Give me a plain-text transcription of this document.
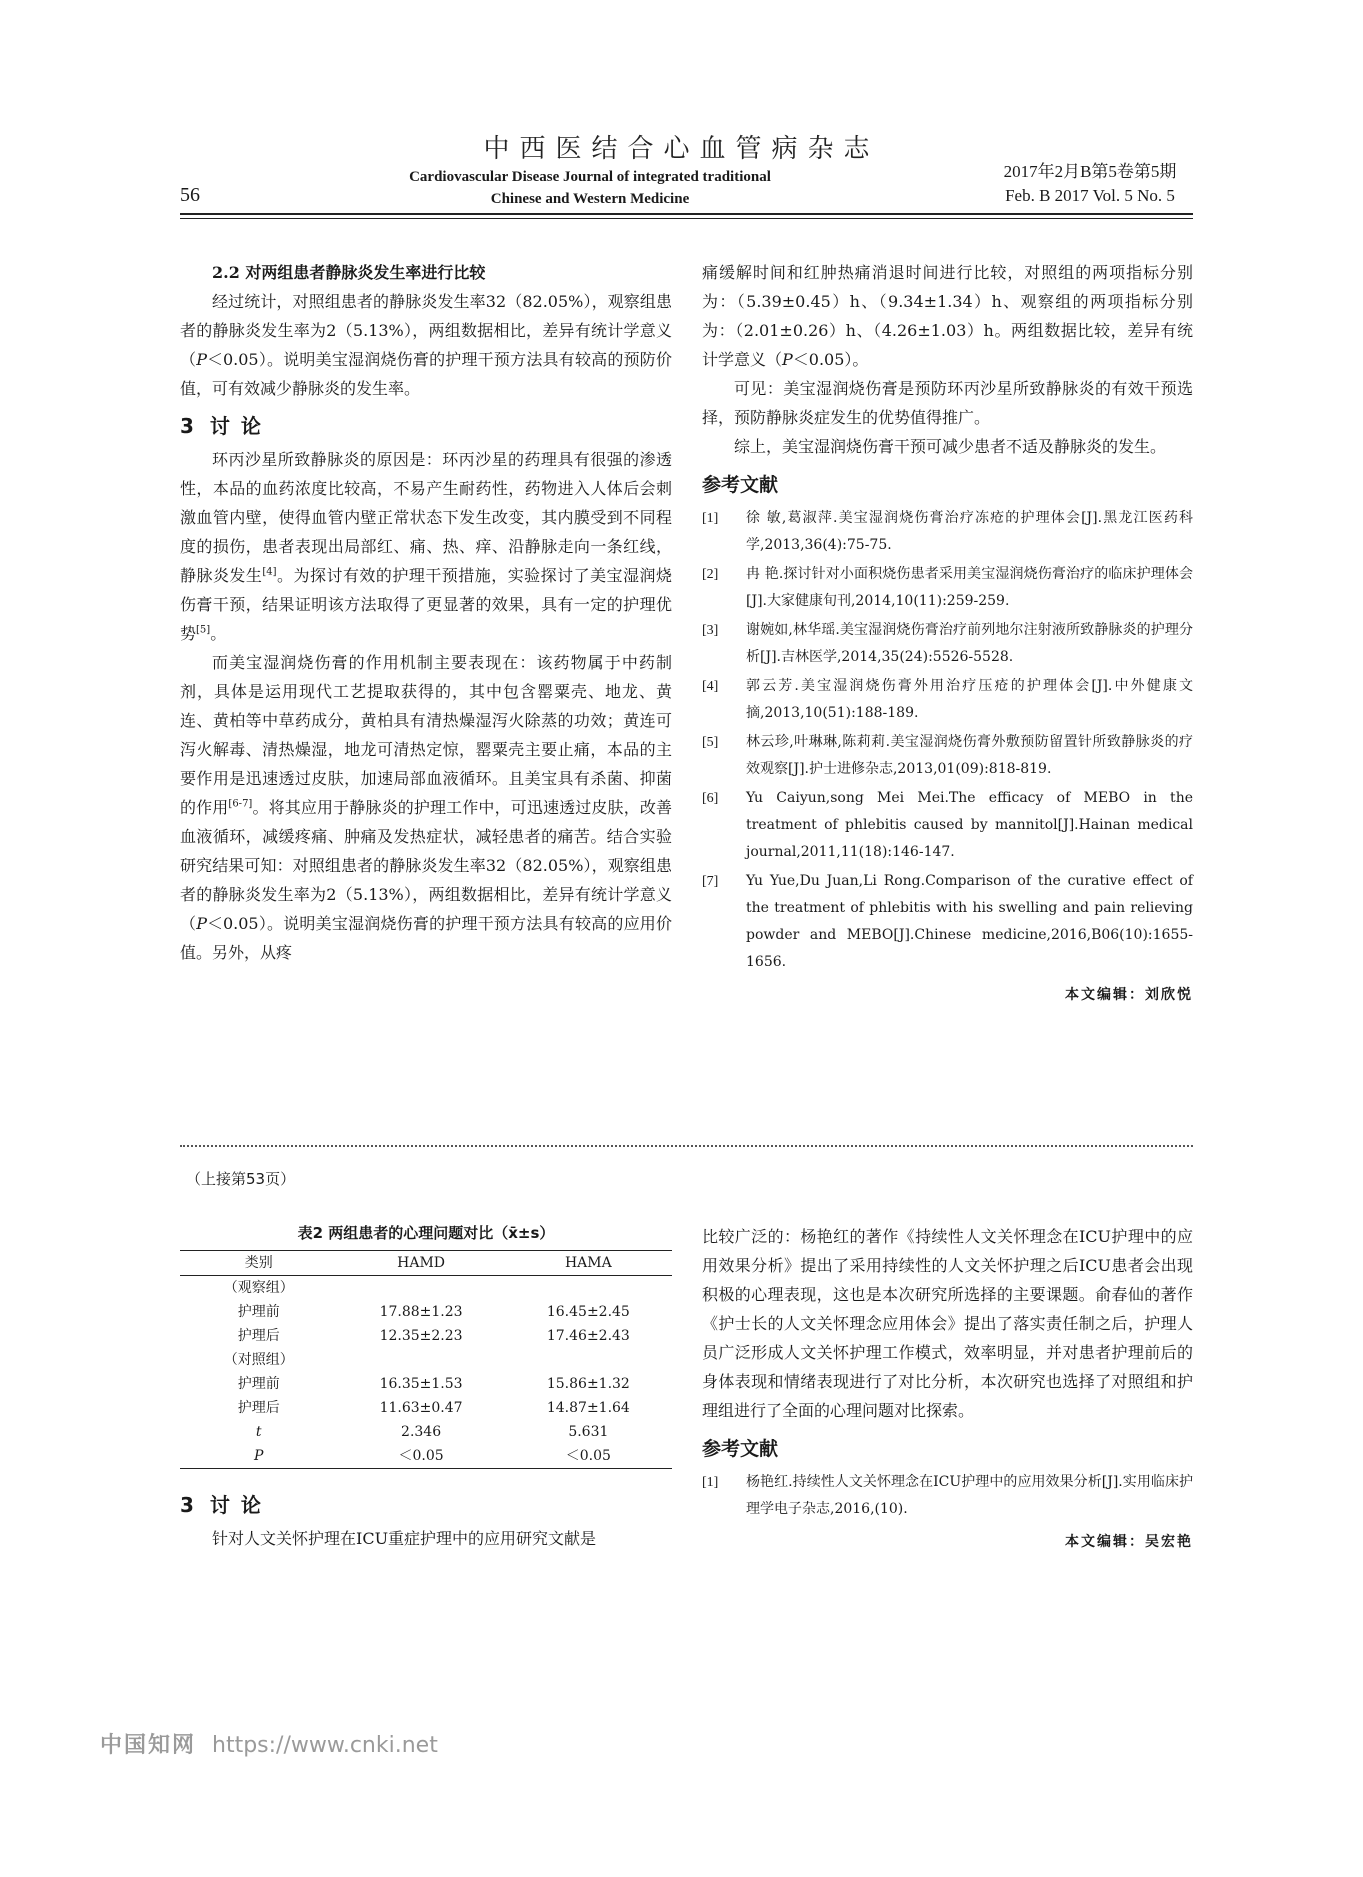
中西医结合心血管病杂志
Cardiovascular Disease Journal of integrated traditional
Chinese and Western Medicine
56
2017年2月B第5卷第5期
Feb. B 2017 Vol. 5 No. 5
2.2 对两组患者静脉炎发生率进行比较

经过统计，对照组患者的静脉炎发生率32（82.05%），观察组患者的静脉炎发生率为2（5.13%），两组数据相比，差异有统计学意义（P＜0.05）。说明美宝湿润烧伤膏的护理干预方法具有较高的预防价值，可有效减少静脉炎的发生率。

3 讨 论

环丙沙星所致静脉炎的原因是：环丙沙星的药理具有很强的渗透性，本品的血药浓度比较高，不易产生耐药性，药物进入人体后会刺激血管内壁，使得血管内壁正常状态下发生改变，其内膜受到不同程度的损伤，患者表现出局部红、痛、热、痒、沿静脉走向一条红线，静脉炎发生[4]。为探讨有效的护理干预措施，实验探讨了美宝湿润烧伤膏干预，结果证明该方法取得了更显著的效果，具有一定的护理优势[5]。

而美宝湿润烧伤膏的作用机制主要表现在：该药物属于中药制剂，具体是运用现代工艺提取获得的，其中包含罂粟壳、地龙、黄连、黄柏等中草药成分，黄柏具有清热燥湿泻火除蒸的功效；黄连可泻火解毒、清热燥湿，地龙可清热定惊，罂粟壳主要止痛，本品的主要作用是迅速透过皮肤，加速局部血液循环。且美宝具有杀菌、抑菌的作用[6-7]。将其应用于静脉炎的护理工作中，可迅速透过皮肤，改善血液循环，减缓疼痛、肿痛及发热症状，减轻患者的痛苦。结合实验研究结果可知：对照组患者的静脉炎发生率32（82.05%），观察组患者的静脉炎发生率为2（5.13%），两组数据相比，差异有统计学意义（P＜0.05）。说明美宝湿润烧伤膏的护理干预方法具有较高的应用价值。另外，从疼

痛缓解时间和红肿热痛消退时间进行比较，对照组的两项指标分别为：（5.39±0.45）h、（9.34±1.34）h、观察组的两项指标分别为：（2.01±0.26）h、（4.26±1.03）h。两组数据比较，差异有统计学意义（P＜0.05）。

可见：美宝湿润烧伤膏是预防环丙沙星所致静脉炎的有效干预选择，预防静脉炎症发生的优势值得推广。

综上，美宝湿润烧伤膏干预可减少患者不适及静脉炎的发生。

参考文献
[1]	徐 敏,葛淑萍.美宝湿润烧伤膏治疗冻疮的护理体会[J].黑龙江医药科学,2013,36(4):75-75.
[2]	冉 艳.探讨针对小面积烧伤患者采用美宝湿润烧伤膏治疗的临床护理体会[J].大家健康旬刊,2014,10(11):259-259.
[3]	谢婉如,林华瑶.美宝湿润烧伤膏治疗前列地尔注射液所致静脉炎的护理分析[J].吉林医学,2014,35(24):5526-5528.
[4]	郭云芳.美宝湿润烧伤膏外用治疗压疮的护理体会[J].中外健康文摘,2013,10(51):188-189.
[5]	林云珍,叶琳琳,陈莉莉.美宝湿润烧伤膏外敷预防留置针所致静脉炎的疗效观察[J].护士进修杂志,2013,01(09):818-819.
[6]	Yu Caiyun,song Mei Mei.The efficacy of MEBO in the treatment of phlebitis caused by mannitol[J].Hainan medical journal,2011,11(18):146-147.
[7]	Yu Yue,Du Juan,Li Rong.Comparison of the curative effect of the treatment of phlebitis with his swelling and pain relieving powder and MEBO[J].Chinese medicine,2016,B06(10):1655-1656.
本文编辑：刘欣悦
（上接第53页）
表2 两组患者的心理问题对比（x̄±s）
类别	HAMD	HAMA
（观察组）		
护理前	17.88±1.23	16.45±2.45
护理后	12.35±2.23	17.46±2.43
（对照组）		
护理前	16.35±1.53	15.86±1.32
护理后	11.63±0.47	14.87±1.64
t	2.346	5.631
P	＜0.05	＜0.05
3 讨 论

针对人文关怀护理在ICU重症护理中的应用研究文献是

比较广泛的：杨艳红的著作《持续性人文关怀理念在ICU护理中的应用效果分析》提出了采用持续性的人文关怀护理之后ICU患者会出现积极的心理表现，这也是本次研究所选择的主要课题。俞春仙的著作《护士长的人文关怀理念应用体会》提出了落实责任制之后，护理人员广泛形成人文关怀护理工作模式，效率明显，并对患者护理前后的身体表现和情绪表现进行了对比分析，本次研究也选择了对照组和护理组进行了全面的心理问题对比探索。

参考文献
[1]	杨艳红.持续性人文关怀理念在ICU护理中的应用效果分析[J].实用临床护理学电子杂志,2016,(10).
本文编辑：吴宏艳
中国知网 https://www.cnki.net
